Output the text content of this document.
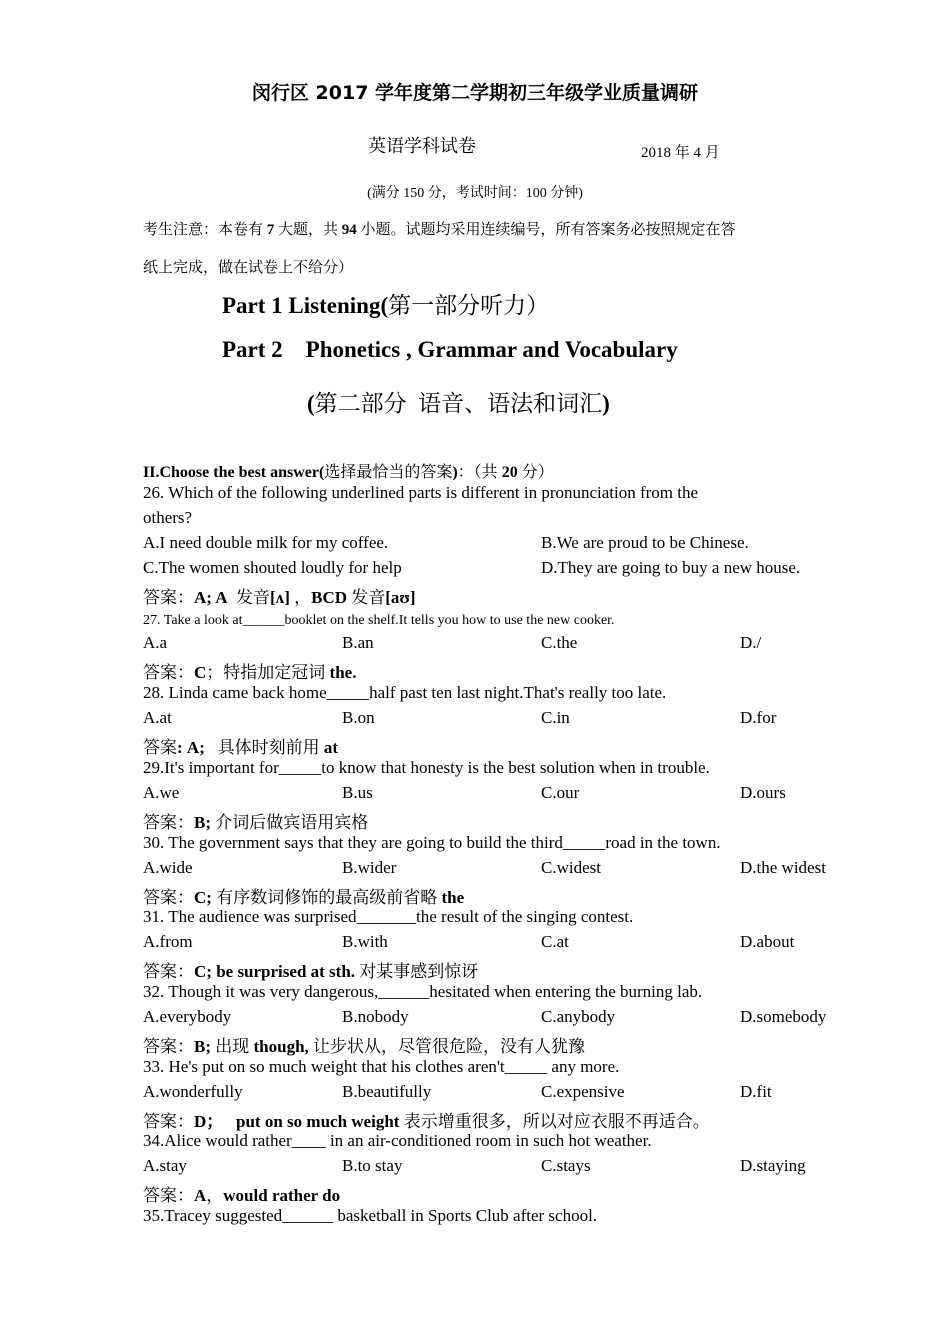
闵行区 2017 学年度第二学期初三年级学业质量调研
英语学科试卷	2018 年 4 月
(满分 150 分，考试时间：100 分钟)
考生注意：本卷有 7 大题，共 94 小题。试题均采用连续编号，所有答案务必按照规定在答
纸上完成，做在试卷上不给分）
Part 1 Listening(第一部分听力）
Part 2    Phonetics , Grammar and Vocabulary
(第二部分  语音、语法和词汇)
II.Choose the best answer(选择最恰当的答案)：（共 20 分）
26. Which of the following underlined parts is different in pronunciation from the
others?
A.I need double milk for my coffee.	B.We are proud to be Chinese.
C.The women shouted loudly for help	D.They are going to buy a new house.
答案：A; A  发音[ʌ] ，BCD 发音[aʊ]
27. Take a look at______booklet on the shelf.It tells you how to use the new cooker.
A.a	B.an	C.the	D./
答案：C；特指加定冠词 the.
28. Linda came back home_____half past ten last night.That's really too late.
A.at	B.on	C.in	D.for
答案: A;   具体时刻前用 at
29.It's important for_____to know that honesty is the best solution when in trouble.
A.we	B.us	C.our	D.ours
答案：B; 介词后做宾语用宾格
30. The government says that they are going to build the third_____road in the town.
A.wide	B.wider	C.widest	D.the widest
答案：C; 有序数词修饰的最高级前省略 the
31. The audience was surprised_______the result of the singing contest.
A.from	B.with	C.at	D.about
答案：C; be surprised at sth. 对某事感到惊讶
32. Though it was very dangerous,______hesitated when entering the burning lab.
A.everybody	B.nobody	C.anybody	D.somebody
答案：B; 出现 though, 让步状从，尽管很危险，没有人犹豫
33. He's put on so much weight that his clothes aren't_____ any more.
A.wonderfully	B.beautifully	C.expensive	D.fit
答案：D；   put on so much weight 表示增重很多，所以对应衣服不再适合。
34.Alice would rather____ in an air-conditioned room in such hot weather.
A.stay	B.to stay	C.stays	D.staying
答案：A，would rather do
35.Tracey suggested______ basketball in Sports Club after school.
